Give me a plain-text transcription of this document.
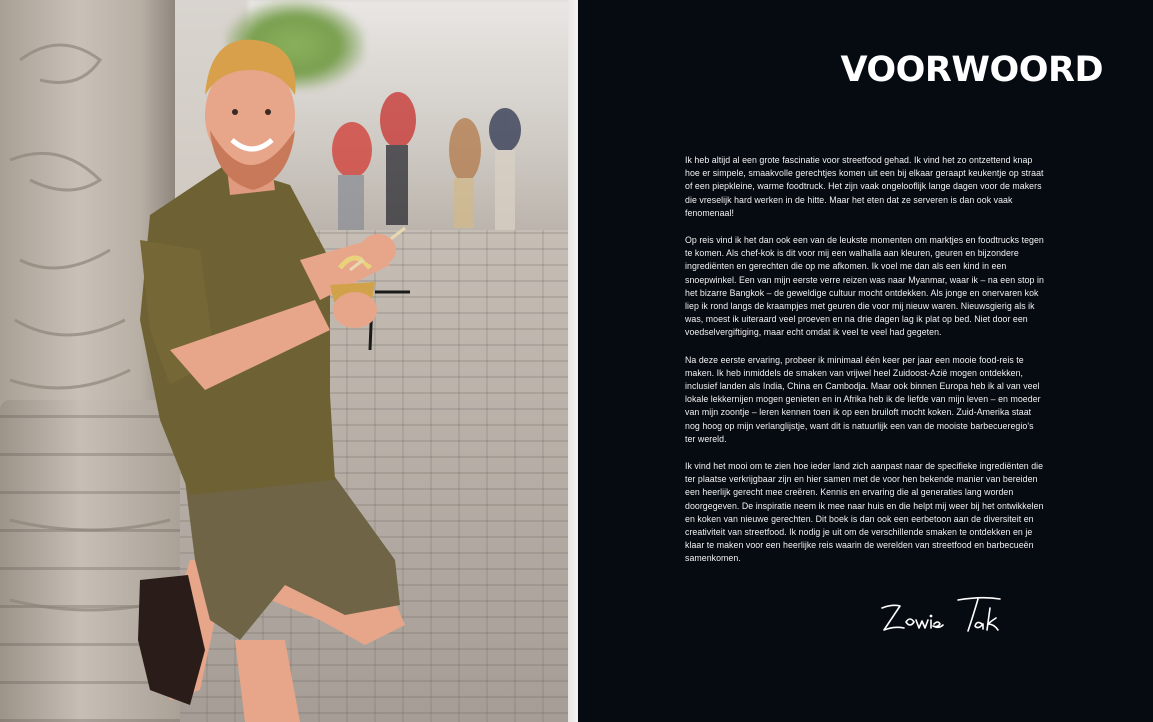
VOORWOORD

Ik heb altijd al een grote fascinatie voor streetfood gehad. Ik vind het zo ontzettend knap hoe er simpele, smaakvolle gerechtjes komen uit een bij elkaar geraapt keukentje op straat of een piepkleine, warme foodtruck. Het zijn vaak ongelooflijk lange dagen voor de makers die vreselijk hard werken in de hitte. Maar het eten dat ze serveren is dan ook vaak fenomenaal!

Op reis vind ik het dan ook een van de leukste momenten om marktjes en foodtrucks tegen te komen. Als chef-kok is dit voor mij een walhalla aan kleuren, geuren en bijzondere ingrediënten en gerechten die op me afkomen. Ik voel me dan als een kind in een snoepwinkel. Een van mijn eerste verre reizen was naar Myanmar, waar ik – na een stop in het bizarre Bangkok – de geweldige cultuur mocht ontdekken. Als jonge en onervaren kok liep ik rond langs de kraampjes met geuren die voor mij nieuw waren. Nieuwsgierig als ik was, moest ik uiteraard veel proeven en na drie dagen lag ik plat op bed. Niet door een voedselvergiftiging, maar echt omdat ik veel te veel had gegeten.

Na deze eerste ervaring, probeer ik minimaal één keer per jaar een mooie food-reis te maken. Ik heb inmiddels de smaken van vrijwel heel Zuidoost-Azië mogen ontdekken, inclusief landen als India, China en Cambodja. Maar ook binnen Europa heb ik al van veel lokale lekkernijen mogen genieten en in Afrika heb ik de liefde van mijn leven – en moeder van mijn zoontje – leren kennen toen ik op een bruiloft mocht koken. Zuid-Amerika staat nog hoog op mijn verlanglijstje, want dit is natuurlijk een van de mooiste barbecueregio’s ter wereld.

Ik vind het mooi om te zien hoe ieder land zich aanpast naar de specifieke ingrediënten die ter plaatse verkrijgbaar zijn en hier samen met de voor hen bekende manier van bereiden een heerlijk gerecht mee creëren. Kennis en ervaring die al generaties lang worden doorgegeven. De inspiratie neem ik mee naar huis en die helpt mij weer bij het ontwikkelen en koken van nieuwe gerechten. Dit boek is dan ook een eerbetoon aan de diversiteit en creativiteit van streetfood. Ik nodig je uit om de verschillende smaken te ontdekken en je klaar te maken voor een heerlijke reis waarin de werelden van streetfood en barbecueën samenkomen.
